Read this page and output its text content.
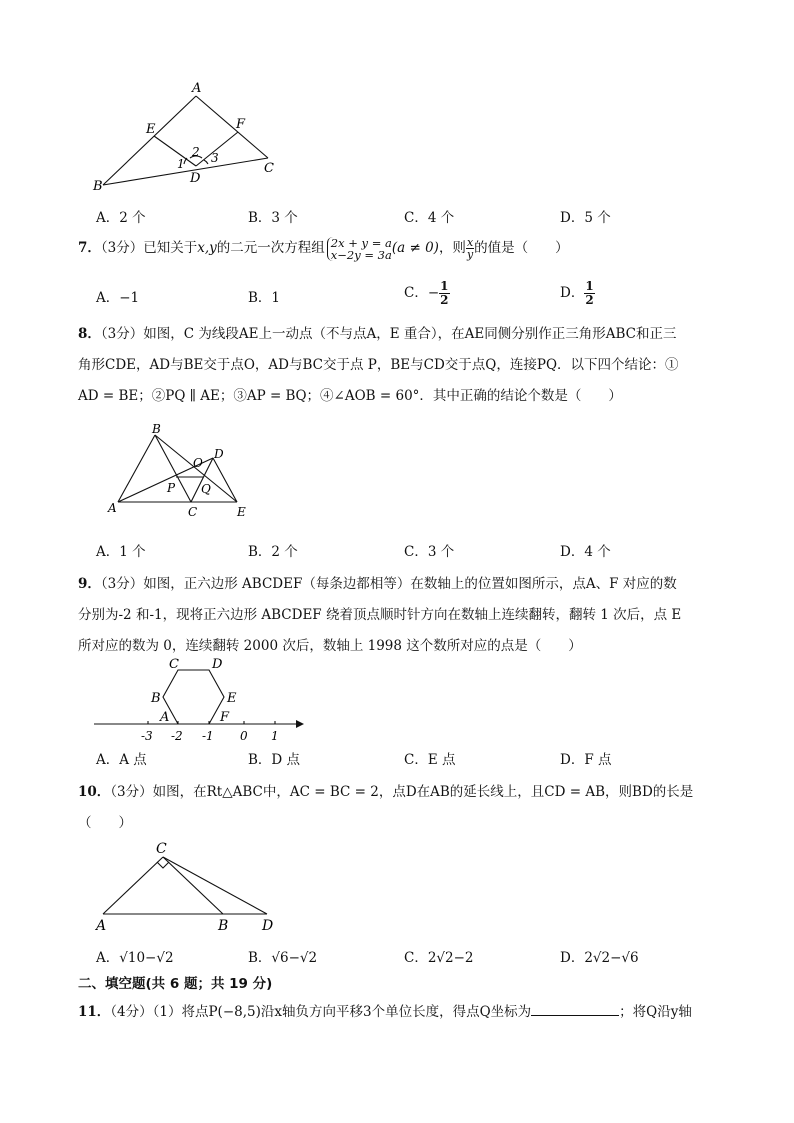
A
E	F
B
C
D
1
2 3
A．2 个	B．3 个	C．4 个	D．5 个
7．（3分）已知关于x,y的二元一次方程组 2x + y = a
x−2y = 3a (a ≠ 0)，则 $\frac{x}{y}$ 的值是（　　）
A．−1	B．1	C．− $\frac{1}{2}$	D． $\frac{1}{2}$
8．（3分）如图，C 为线段AE上一动点（不与点A，E 重合），在AE同侧分别作正三角形ABC和正三
角形CDE，AD与BE交于点O，AD与BC交于点 P，BE与CD交于点Q，连接PQ．以下四个结论：①
AD = BE；②PQ ∥ AE；③AP = BQ；④∠AOB = 60°．其中正确的结论个数是（　　）
B
A	C	E
D
O
P Q
A．1 个	B．2 个	C．3 个	D．4 个
9．（3分）如图，正六边形 ABCDEF（每条边都相等）在数轴上的位置如图所示，点A、F 对应的数
分别为-2 和-1，现将正六边形 ABCDEF 绕着顶点顺时针方向在数轴上连续翻转，翻转 1 次后，点 E
所对应的数为 0，连续翻转 2000 次后，数轴上 1998 这个数所对应的点是（　　）
C	D
B	E
A	F
-3 -2 -1 0 1
A．A 点	B．D 点	C．E 点	D．F 点
10．（3分）如图，在Rt△ABC中，AC = BC = 2，点D在AB的延长线上，且CD = AB，则BD的长是
（　　）
C
A	B D
A．√10−√2	B．√6−√2	C．2√2−2	D．2√2−√6
二、填空题(共 6 题；共 19 分)
11．（4分）（1）将点P(−8,5)沿x轴负方向平移3个单位长度，得点Q坐标为	；将Q沿y轴
